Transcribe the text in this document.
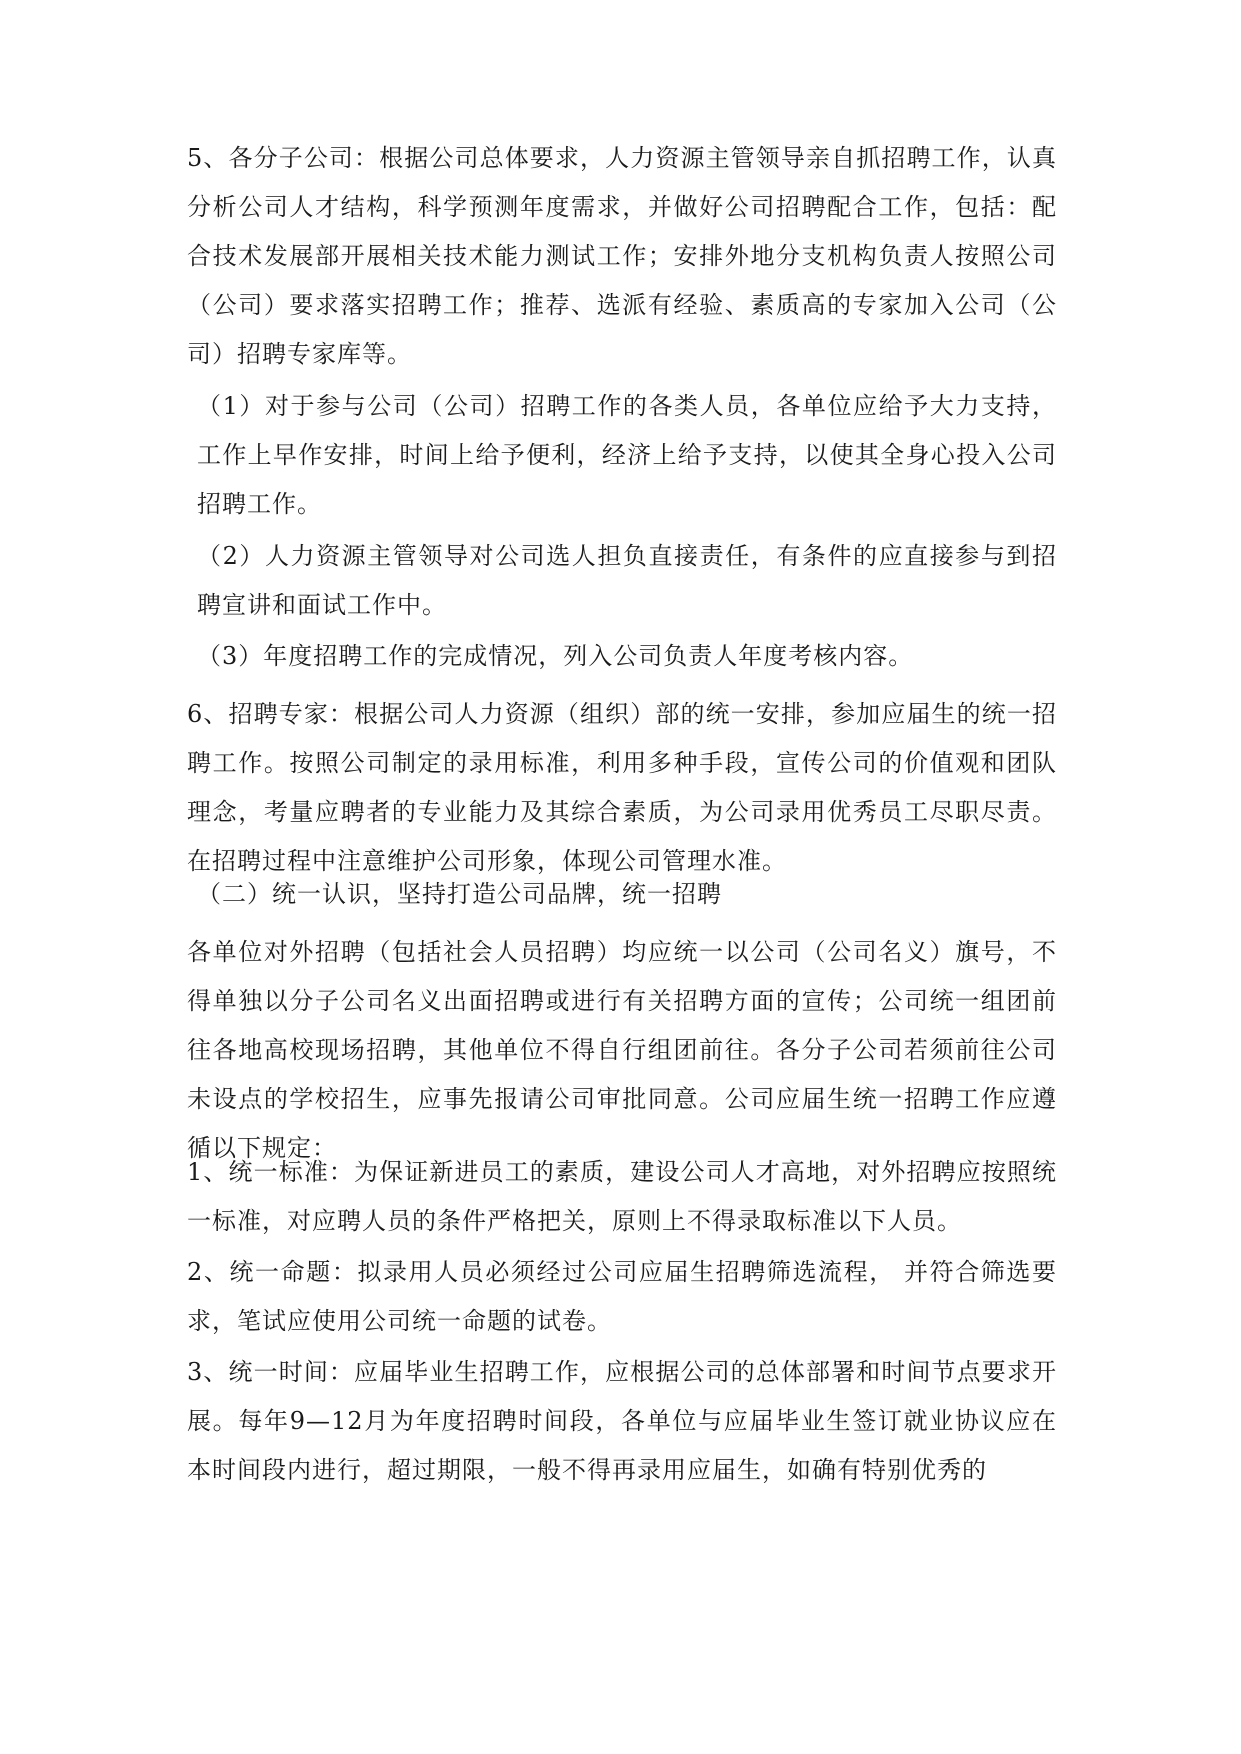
5、各分子公司：根据公司总体要求，人力资源主管领导亲自抓招聘工作，认真分析公司人才结构，科学预测年度需求，并做好公司招聘配合工作，包括：配合技术发展部开展相关技术能力测试工作；安排外地分支机构负责人按照公司（公司）要求落实招聘工作；推荐、选派有经验、素质高的专家加入公司（公司）招聘专家库等。

（1）对于参与公司（公司）招聘工作的各类人员，各单位应给予大力支持，工作上早作安排，时间上给予便利，经济上给予支持，以使其全身心投入公司招聘工作。

（2）人力资源主管领导对公司选人担负直接责任，有条件的应直接参与到招聘宣讲和面试工作中。

（3）年度招聘工作的完成情况，列入公司负责人年度考核内容。

6、招聘专家：根据公司人力资源（组织）部的统一安排，参加应届生的统一招聘工作。按照公司制定的录用标准，利用多种手段，宣传公司的价值观和团队理念，考量应聘者的专业能力及其综合素质，为公司录用优秀员工尽职尽责。在招聘过程中注意维护公司形象，体现公司管理水准。

（二）统一认识，坚持打造公司品牌，统一招聘

各单位对外招聘（包括社会人员招聘）均应统一以公司（公司名义）旗号，不得单独以分子公司名义出面招聘或进行有关招聘方面的宣传；公司统一组团前往各地高校现场招聘，其他单位不得自行组团前往。各分子公司若须前往公司未设点的学校招生，应事先报请公司审批同意。公司应届生统一招聘工作应遵循以下规定：

1、统一标准：为保证新进员工的素质，建设公司人才高地，对外招聘应按照统一标准，对应聘人员的条件严格把关，原则上不得录取标准以下人员。

2、统一命题：拟录用人员必须经过公司应届生招聘筛选流程， 并符合筛选要求，笔试应使用公司统一命题的试卷。

3、统一时间：应届毕业生招聘工作，应根据公司的总体部署和时间节点要求开展。每年9—12月为年度招聘时间段，各单位与应届毕业生签订就业协议应在本时间段内进行，超过期限，一般不得再录用应届生，如确有特别优秀的
